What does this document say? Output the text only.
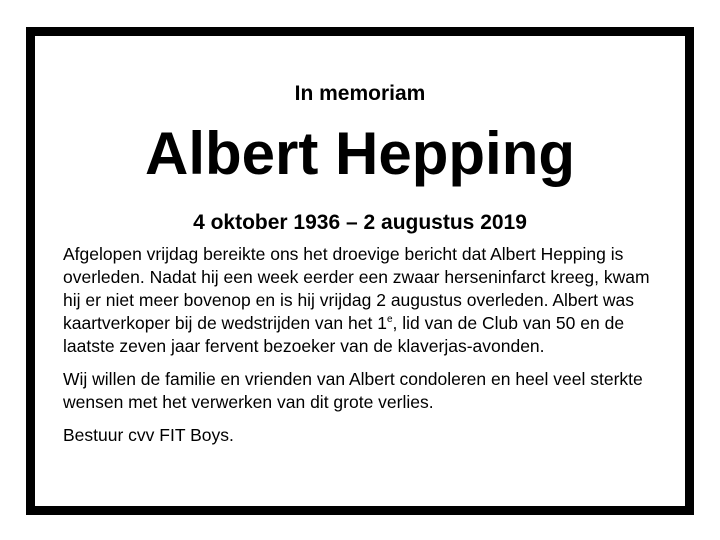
In memoriam
Albert Hepping
4 oktober 1936 – 2 augustus 2019

Afgelopen vrijdag bereikte ons het droevige bericht dat Albert Hepping is overleden. Nadat hij een week eerder een zwaar herseninfarct kreeg, kwam hij er niet meer bovenop en is hij vrijdag 2 augustus overleden. Albert was kaartverkoper bij de wedstrijden van het 1e, lid van de Club van 50 en de laatste zeven jaar fervent bezoeker van de klaverjas-avonden.

Wij willen de familie en vrienden van Albert condoleren en heel veel sterkte wensen met het verwerken van dit grote verlies.

Bestuur cvv FIT Boys.
